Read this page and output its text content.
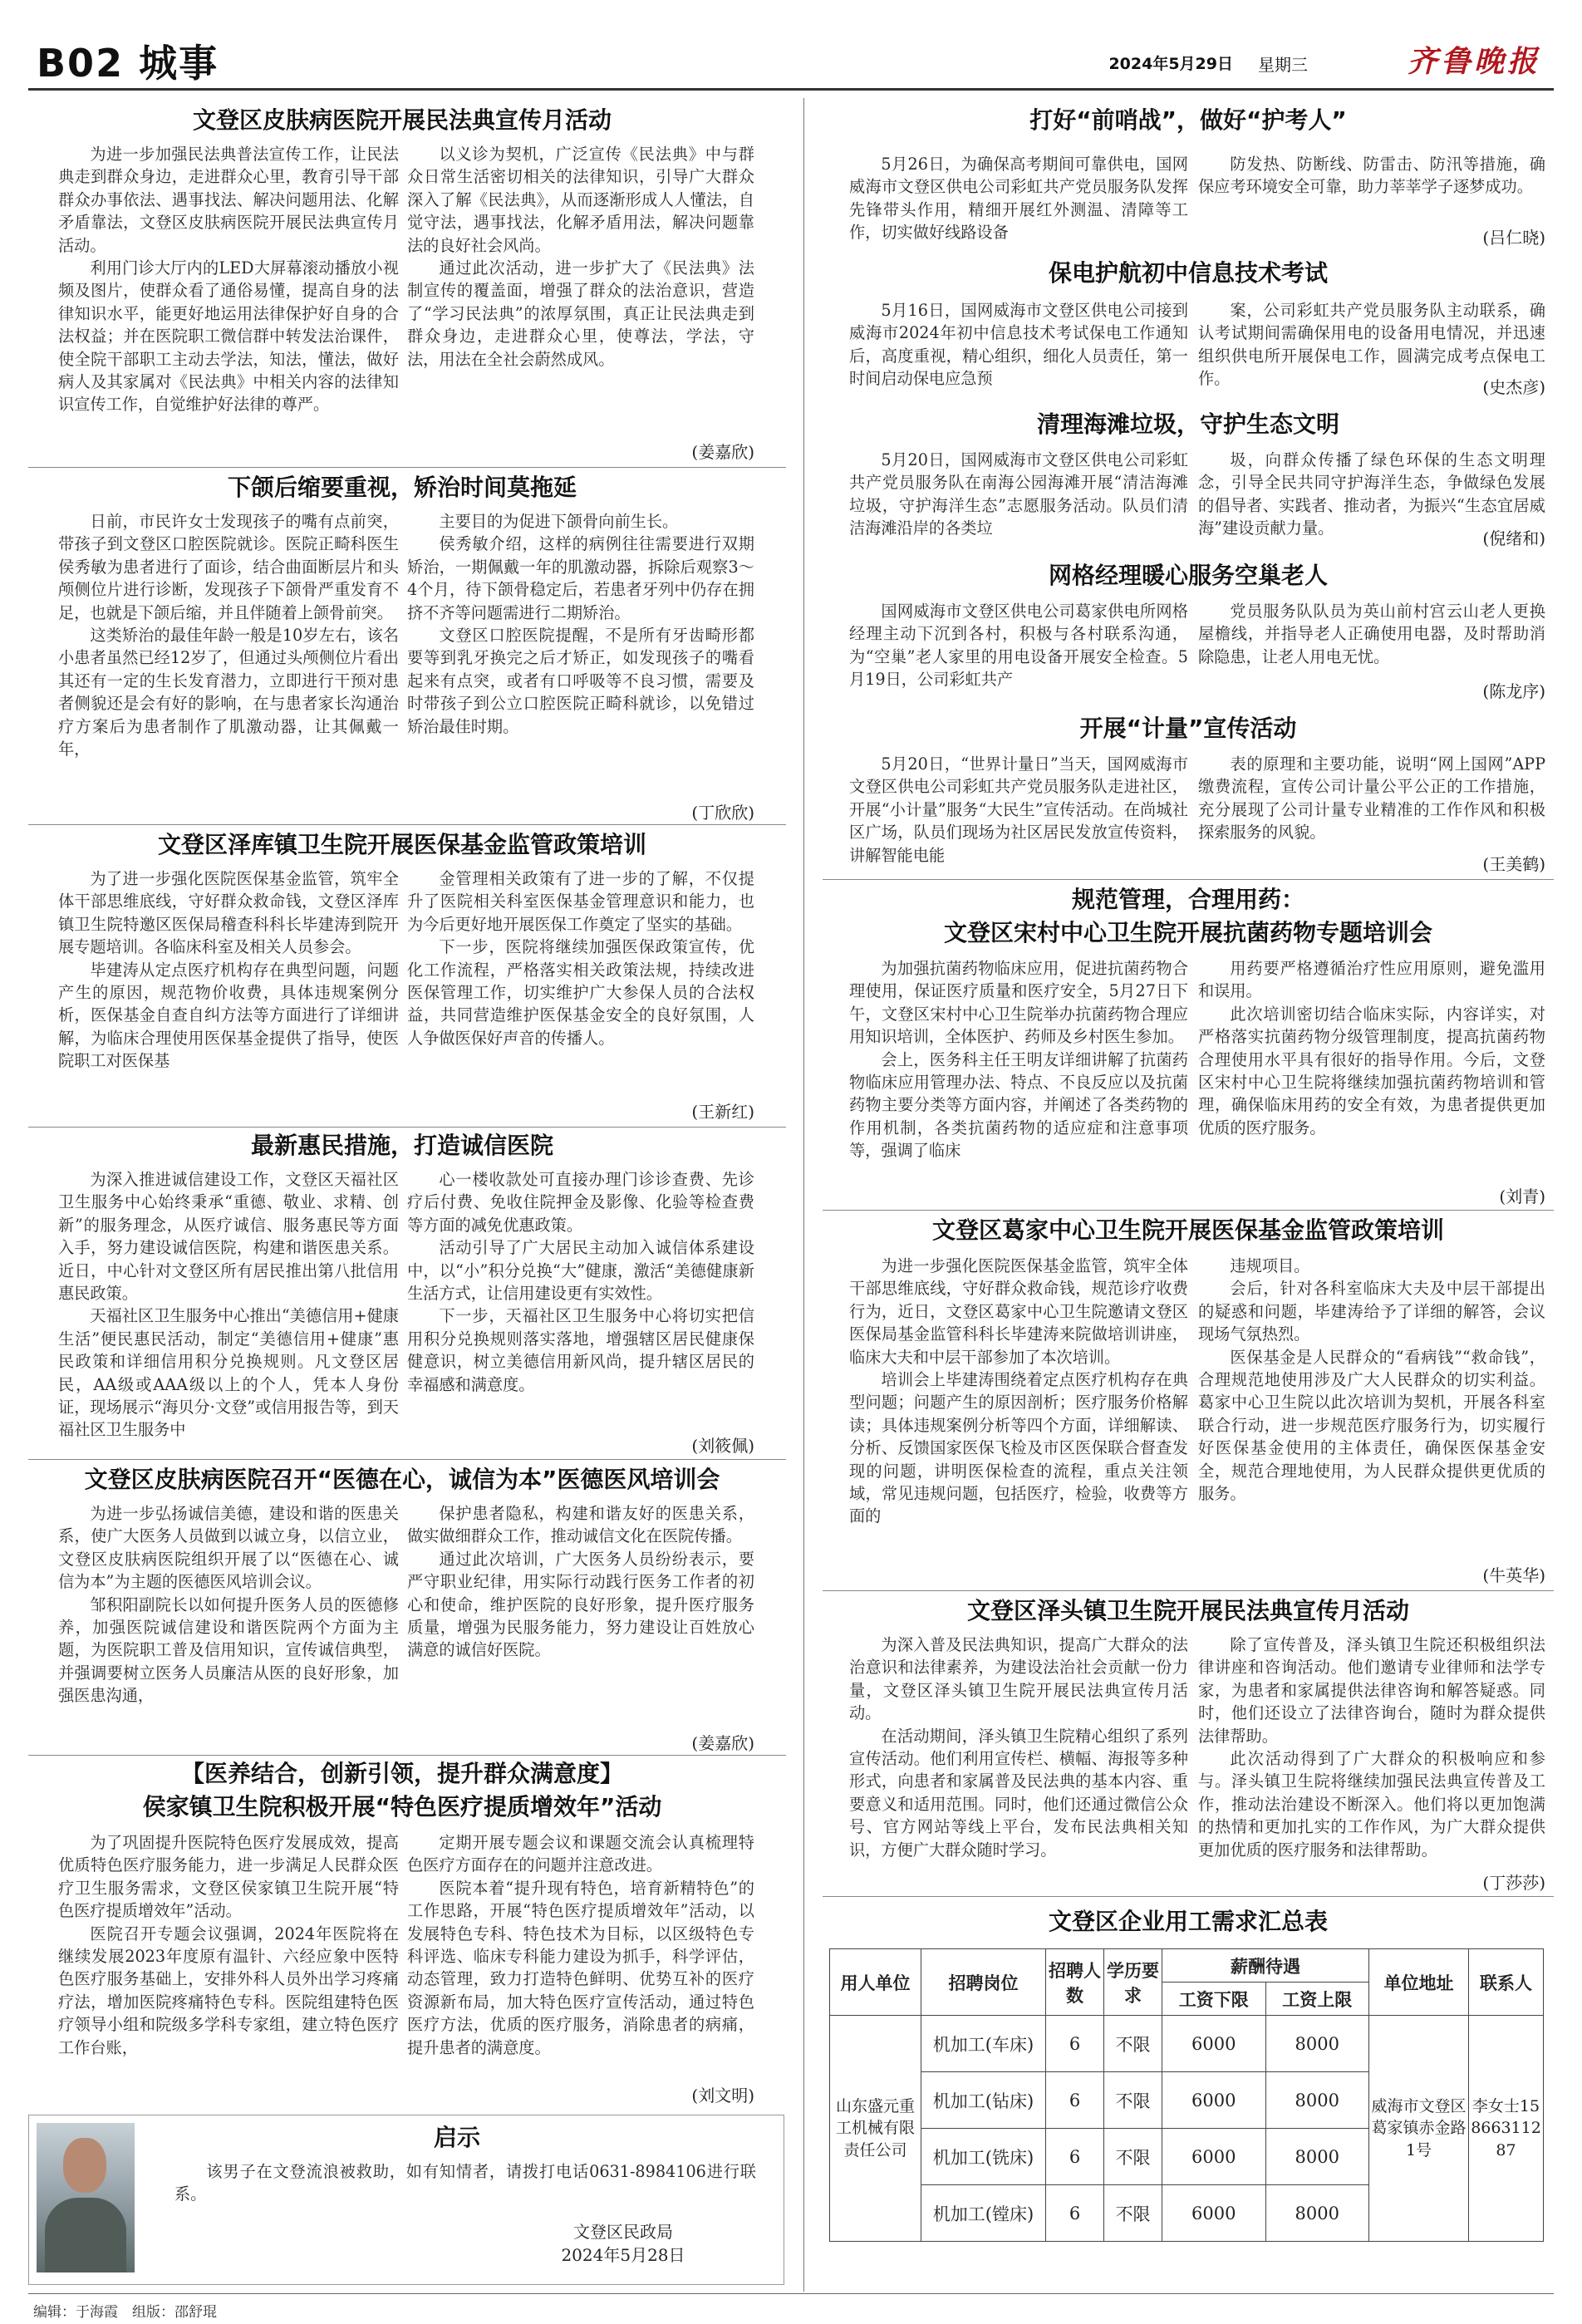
B02 城事	2024年5月29日 星期三	齐鲁晚报
文登区皮肤病医院开展民法典宣传月活动

为进一步加强民法典普法宣传工作，让民法典走到群众身边，走进群众心里，教育引导干部群众办事依法、遇事找法、解决问题用法、化解矛盾靠法，文登区皮肤病医院开展民法典宣传月活动。

利用门诊大厅内的LED大屏幕滚动播放小视频及图片，使群众看了通俗易懂，提高自身的法律知识水平，能更好地运用法律保护好自身的合法权益；并在医院职工微信群中转发法治课件，使全院干部职工主动去学法，知法，懂法，做好病人及其家属对《民法典》中相关内容的法律知识宣传工作，自觉维护好法律的尊严。

以义诊为契机，广泛宣传《民法典》中与群众日常生活密切相关的法律知识，引导广大群众深入了解《民法典》，从而逐渐形成人人懂法，自觉守法，遇事找法，化解矛盾用法，解决问题靠法的良好社会风尚。

通过此次活动，进一步扩大了《民法典》法制宣传的覆盖面，增强了群众的法治意识，营造了“学习民法典”的浓厚氛围，真正让民法典走到群众身边，走进群众心里，使尊法，学法，守法，用法在全社会蔚然成风。

(姜嘉欣)
下颌后缩要重视，矫治时间莫拖延

日前，市民许女士发现孩子的嘴有点前突，带孩子到文登区口腔医院就诊。医院正畸科医生侯秀敏为患者进行了面诊，结合曲面断层片和头颅侧位片进行诊断，发现孩子下颌骨严重发育不足，也就是下颌后缩，并且伴随着上颌骨前突。

这类矫治的最佳年龄一般是10岁左右，该名小患者虽然已经12岁了，但通过头颅侧位片看出其还有一定的生长发育潜力，立即进行干预对患者侧貌还是会有好的影响，在与患者家长沟通治疗方案后为患者制作了肌激动器，让其佩戴一年，

主要目的为促进下颌骨向前生长。

侯秀敏介绍，这样的病例往往需要进行双期矫治，一期佩戴一年的肌激动器，拆除后观察3～4个月，待下颌骨稳定后，若患者牙列中仍存在拥挤不齐等问题需进行二期矫治。

文登区口腔医院提醒，不是所有牙齿畸形都要等到乳牙换完之后才矫正，如发现孩子的嘴看起来有点突，或者有口呼吸等不良习惯，需要及时带孩子到公立口腔医院正畸科就诊，以免错过矫治最佳时期。

(丁欣欣)
文登区泽库镇卫生院开展医保基金监管政策培训

为了进一步强化医院医保基金监管，筑牢全体干部思维底线，守好群众救命钱，文登区泽库镇卫生院特邀区医保局稽查科科长毕建涛到院开展专题培训。各临床科室及相关人员参会。

毕建涛从定点医疗机构存在典型问题，问题产生的原因，规范物价收费，具体违规案例分析，医保基金自查自纠方法等方面进行了详细讲解，为临床合理使用医保基金提供了指导，使医院职工对医保基

金管理相关政策有了进一步的了解，不仅提升了医院相关科室医保基金管理意识和能力，也为今后更好地开展医保工作奠定了坚实的基础。

下一步，医院将继续加强医保政策宣传，优化工作流程，严格落实相关政策法规，持续改进医保管理工作，切实维护广大参保人员的合法权益，共同营造维护医保基金安全的良好氛围，人人争做医保好声音的传播人。

(王新红)
最新惠民措施，打造诚信医院

为深入推进诚信建设工作，文登区天福社区卫生服务中心始终秉承“重德、敬业、求精、创新”的服务理念，从医疗诚信、服务惠民等方面入手，努力建设诚信医院，构建和谐医患关系。近日，中心针对文登区所有居民推出第八批信用惠民政策。

天福社区卫生服务中心推出“美德信用+健康生活”便民惠民活动，制定“美德信用+健康”惠民政策和详细信用积分兑换规则。凡文登区居民，AA级或AAA级以上的个人，凭本人身份证，现场展示“海贝分·文登”或信用报告等，到天福社区卫生服务中

心一楼收款处可直接办理门诊诊查费、先诊疗后付费、免收住院押金及影像、化验等检查费等方面的减免优惠政策。

活动引导了广大居民主动加入诚信体系建设中，以“小”积分兑换“大”健康，激活“美德健康新生活方式，让信用建设更有实效性。

下一步，天福社区卫生服务中心将切实把信用积分兑换规则落实落地，增强辖区居民健康保健意识，树立美德信用新风尚，提升辖区居民的幸福感和满意度。

(刘筱佩)
文登区皮肤病医院召开“医德在心，诚信为本”医德医风培训会

为进一步弘扬诚信美德，建设和谐的医患关系，使广大医务人员做到以诚立身，以信立业，文登区皮肤病医院组织开展了以“医德在心、诚信为本”为主题的医德医风培训会议。

邹积阳副院长以如何提升医务人员的医德修养，加强医院诚信建设和谐医院两个方面为主题，为医院职工普及信用知识，宣传诚信典型，并强调要树立医务人员廉洁从医的良好形象，加强医患沟通，

保护患者隐私，构建和谐友好的医患关系，做实做细群众工作，推动诚信文化在医院传播。

通过此次培训，广大医务人员纷纷表示，要严守职业纪律，用实际行动践行医务工作者的初心和使命，维护医院的良好形象，提升医疗服务质量，增强为民服务能力，努力建设让百姓放心满意的诚信好医院。

(姜嘉欣)
【医养结合，创新引领，提升群众满意度】
侯家镇卫生院积极开展“特色医疗提质增效年”活动

为了巩固提升医院特色医疗发展成效，提高优质特色医疗服务能力，进一步满足人民群众医疗卫生服务需求，文登区侯家镇卫生院开展“特色医疗提质增效年”活动。

医院召开专题会议强调，2024年医院将在继续发展2023年度原有温针、六经应象中医特色医疗服务基础上，安排外科人员外出学习疼痛疗法，增加医院疼痛特色专科。医院组建特色医疗领导小组和院级多学科专家组，建立特色医疗工作台账，

定期开展专题会议和课题交流会认真梳理特色医疗方面存在的问题并注意改进。

医院本着“提升现有特色，培育新精特色”的工作思路，开展“特色医疗提质增效年”活动，以发展特色专科、特色技术为目标，以区级特色专科评选、临床专科能力建设为抓手，科学评估，动态管理，致力打造特色鲜明、优势互补的医疗资源新布局，加大特色医疗宣传活动，通过特色医疗方法，优质的医疗服务，消除患者的病痛，提升患者的满意度。

(刘文明)
启示

该男子在文登流浪被救助，如有知情者，请拨打电话0631-8984106进行联系。

文登区民政局
2024年5月28日
打好“前哨战”，做好“护考人”

5月26日，为确保高考期间可靠供电，国网威海市文登区供电公司彩虹共产党员服务队发挥先锋带头作用，精细开展红外测温、清障等工作，切实做好线路设备

防发热、防断线、防雷击、防汛等措施，确保应考环境安全可靠，助力莘莘学子逐梦成功。

(吕仁晓)
保电护航初中信息技术考试

5月16日，国网威海市文登区供电公司接到威海市2024年初中信息技术考试保电工作通知后，高度重视，精心组织，细化人员责任，第一时间启动保电应急预

案，公司彩虹共产党员服务队主动联系，确认考试期间需确保用电的设备用电情况，并迅速组织供电所开展保电工作，圆满完成考点保电工作。	(史杰彦)
清理海滩垃圾，守护生态文明

5月20日，国网威海市文登区供电公司彩虹共产党员服务队在南海公园海滩开展“清洁海滩垃圾，守护海洋生态”志愿服务活动。队员们清洁海滩沿岸的各类垃

圾，向群众传播了绿色环保的生态文明理念，引导全民共同守护海洋生态，争做绿色发展的倡导者、实践者、推动者，为振兴“生态宜居威海”建设贡献力量。

(倪绪和)
网格经理暖心服务空巢老人

国网威海市文登区供电公司葛家供电所网格经理主动下沉到各村，积极与各村联系沟通，为“空巢”老人家里的用电设备开展安全检查。5月19日，公司彩虹共产

党员服务队队员为英山前村宫云山老人更换屋檐线，并指导老人正确使用电器，及时帮助消除隐患，让老人用电无忧。

(陈龙序)
开展“计量”宣传活动

5月20日，“世界计量日”当天，国网威海市文登区供电公司彩虹共产党员服务队走进社区，开展“小计量”服务“大民生”宣传活动。在尚城社区广场，队员们现场为社区居民发放宣传资料，讲解智能电能

表的原理和主要功能，说明“网上国网”APP缴费流程，宣传公司计量公平公正的工作措施，充分展现了公司计量专业精准的工作作风和积极探索服务的风貌。

(王美鹤)
规范管理，合理用药：
文登区宋村中心卫生院开展抗菌药物专题培训会

为加强抗菌药物临床应用，促进抗菌药物合理使用，保证医疗质量和医疗安全，5月27日下午，文登区宋村中心卫生院举办抗菌药物合理应用知识培训，全体医护、药师及乡村医生参加。

会上，医务科主任王明友详细讲解了抗菌药物临床应用管理办法、特点、不良反应以及抗菌药物主要分类等方面内容，并阐述了各类药物的作用机制，各类抗菌药物的适应症和注意事项等，强调了临床

用药要严格遵循治疗性应用原则，避免滥用和误用。

此次培训密切结合临床实际，内容详实，对严格落实抗菌药物分级管理制度，提高抗菌药物合理使用水平具有很好的指导作用。今后，文登区宋村中心卫生院将继续加强抗菌药物培训和管理，确保临床用药的安全有效，为患者提供更加优质的医疗服务。

(刘青)
文登区葛家中心卫生院开展医保基金监管政策培训

为进一步强化医院医保基金监管，筑牢全体干部思维底线，守好群众救命钱，规范诊疗收费行为，近日，文登区葛家中心卫生院邀请文登区医保局基金监管科科长毕建涛来院做培训讲座，临床大夫和中层干部参加了本次培训。

培训会上毕建涛围绕着定点医疗机构存在典型问题；问题产生的原因剖析；医疗服务价格解读；具体违规案例分析等四个方面，详细解读、分析、反馈国家医保飞检及市区医保联合督查发现的问题，讲明医保检查的流程，重点关注领域，常见违规问题，包括医疗，检验，收费等方面的

违规项目。

会后，针对各科室临床大夫及中层干部提出的疑惑和问题，毕建涛给予了详细的解答，会议现场气氛热烈。

医保基金是人民群众的“看病钱”“救命钱”，合理规范地使用涉及广大人民群众的切实利益。葛家中心卫生院以此次培训为契机，开展各科室联合行动，进一步规范医疗服务行为，切实履行好医保基金使用的主体责任，确保医保基金安全，规范合理地使用，为人民群众提供更优质的服务。

(牛英华)
文登区泽头镇卫生院开展民法典宣传月活动

为深入普及民法典知识，提高广大群众的法治意识和法律素养，为建设法治社会贡献一份力量，文登区泽头镇卫生院开展民法典宣传月活动。

在活动期间，泽头镇卫生院精心组织了系列宣传活动。他们利用宣传栏、横幅、海报等多种形式，向患者和家属普及民法典的基本内容、重要意义和适用范围。同时，他们还通过微信公众号、官方网站等线上平台，发布民法典相关知识，方便广大群众随时学习。

除了宣传普及，泽头镇卫生院还积极组织法律讲座和咨询活动。他们邀请专业律师和法学专家，为患者和家属提供法律咨询和解答疑惑。同时，他们还设立了法律咨询台，随时为群众提供法律帮助。

此次活动得到了广大群众的积极响应和参与。泽头镇卫生院将继续加强民法典宣传普及工作，推动法治建设不断深入。他们将以更加饱满的热情和更加扎实的工作作风，为广大群众提供更加优质的医疗服务和法律帮助。

(丁莎莎)
文登区企业用工需求汇总表
用人单位	招聘岗位	招聘人数	学历要求	薪酬待遇		单位地址	联系人
				工资下限	工资上限		
山东盛元重工机械有限责任公司	机加工(车床)	6	不限	6000	8000	威海市文登区葛家镇赤金路1号	李女士15866311287
	机加工(钻床)	6	不限	6000	8000		
	机加工(铣床)	6	不限	6000	8000		
	机加工(镗床)	6	不限	6000	8000		
编辑：于海霞　组版：邵舒琨
